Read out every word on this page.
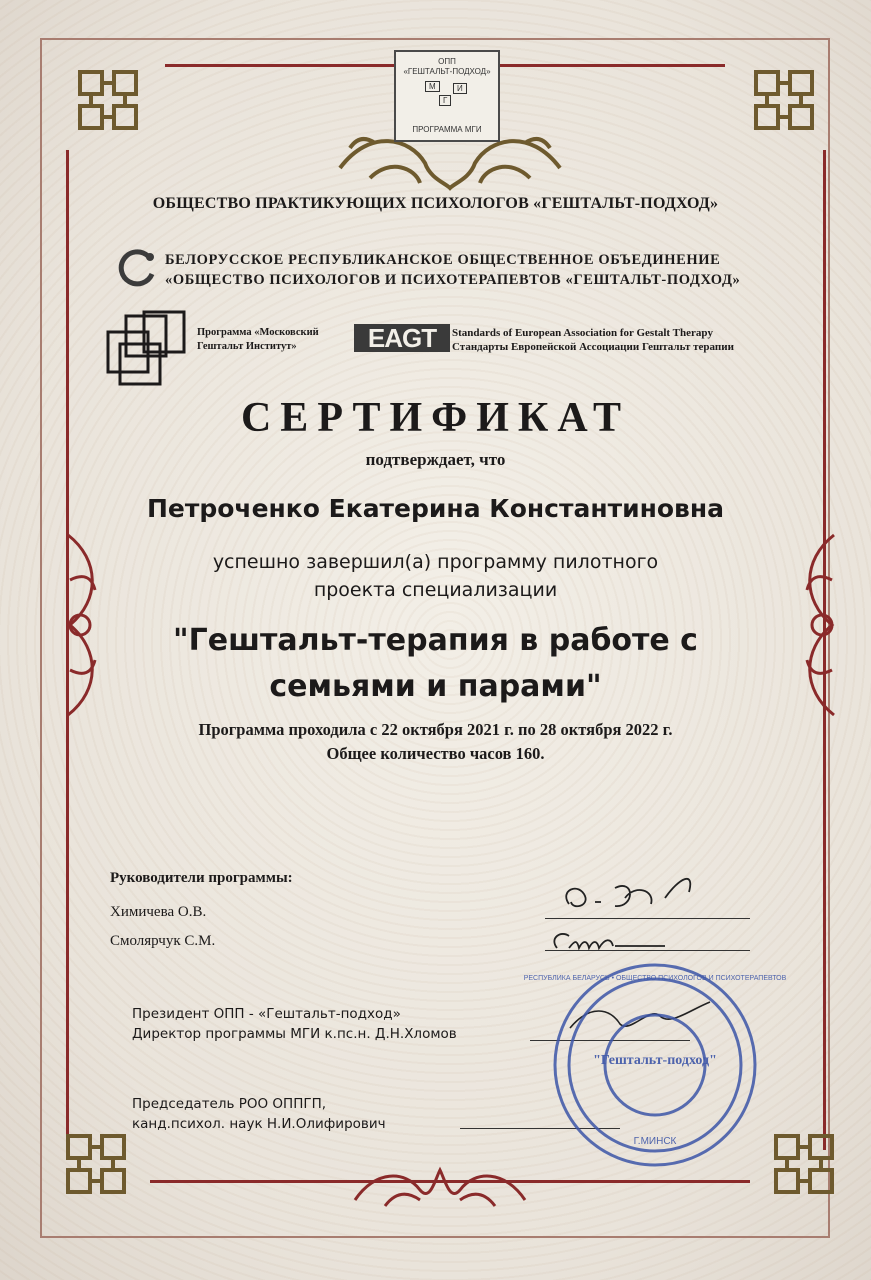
ОПП
«ГЕШТАЛЬТ-ПОДХОД»
М
Г
И
ПРОГРАММА МГИ
ОБЩЕСТВО ПРАКТИКУЮЩИХ ПСИХОЛОГОВ «ГЕШТАЛЬТ-ПОДХОД»
БЕЛОРУССКОЕ РЕСПУБЛИКАНСКОЕ ОБЩЕСТВЕННОЕ ОБЪЕДИНЕНИЕ
«ОБЩЕСТВО ПСИХОЛОГОВ И ПСИХОТЕРАПЕВТОВ «ГЕШТАЛЬТ-ПОДХОД»
Программа «Московский
Гештальт Институт»	EAGT Standards of European Association for Gestalt Therapy
Стандарты Европейской Ассоциации Гештальт терапии
СЕРТИФИКАТ
подтверждает, что
Петроченко Екатерина Константиновна
успешно завершил(а) программу пилотного
проекта специализации
"Гештальт-терапия в работе с
семьями и парами"
Программа проходила с 22 октября 2021 г. по 28 октября 2022 г.
Общее количество часов 160.
Руководители программы:
Химичева О.В.
Смолярчук С.М.
Президент ОПП - «Гештальт-подход»
Директор программы МГИ к.пс.н. Д.Н.Хломов
Председатель РОО ОППГП,
канд.психол. наук Н.И.Олифирович
"Гештальт-подход"
Г.МИНСК
РЕСПУБЛИКА БЕЛАРУСЬ • ОБЩЕСТВО ПСИХОЛОГОВ И ПСИХОТЕРАПЕВТОВ
